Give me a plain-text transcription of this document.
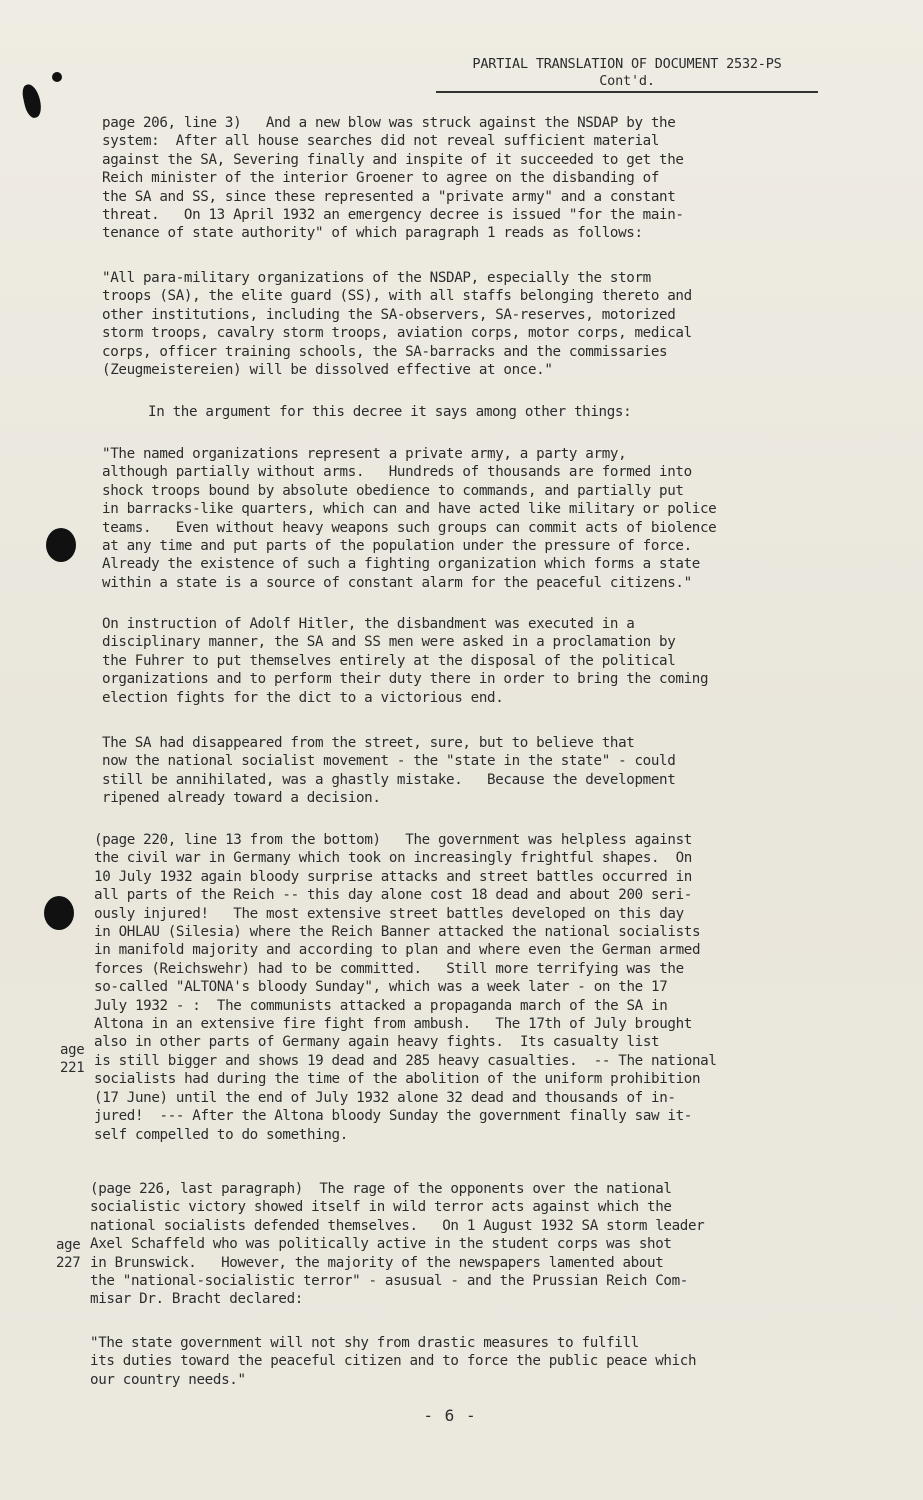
PARTIAL TRANSLATION OF DOCUMENT 2532-PS
Cont'd.

page 206, line 3)   And a new blow was struck against the NSDAP by the
system:  After all house searches did not reveal sufficient material
against the SA, Severing finally and inspite of it succeeded to get the
Reich minister of the interior Groener to agree on the disbanding of
the SA and SS, since these represented a "private army" and a constant
threat.   On 13 April 1932 an emergency decree is issued "for the main-
tenance of state authority" of which paragraph 1 reads as follows:

"All para-military organizations of the NSDAP, especially the storm
troops (SA), the elite guard (SS), with all staffs belonging thereto and
other institutions, including the SA-observers, SA-reserves, motorized
storm troops, cavalry storm troops, aviation corps, motor corps, medical
corps, officer training schools, the SA-barracks and the commissaries
(Zeugmeistereien) will be dissolved effective at once."

In the argument for this decree it says among other things:

"The named organizations represent a private army, a party army,
although partially without arms.   Hundreds of thousands are formed into
shock troops bound by absolute obedience to commands, and partially put
in barracks-like quarters, which can and have acted like military or police
teams.   Even without heavy weapons such groups can commit acts of biolence
at any time and put parts of the population under the pressure of force.
Already the existence of such a fighting organization which forms a state
within a state is a source of constant alarm for the peaceful citizens."

On instruction of Adolf Hitler, the disbandment was executed in a
disciplinary manner, the SA and SS men were asked in a proclamation by
the Fuhrer to put themselves entirely at the disposal of the political
organizations and to perform their duty there in order to bring the coming
election fights for the dict to a victorious end.

The SA had disappeared from the street, sure, but to believe that
now the national socialist movement - the "state in the state" - could
still be annihilated, was a ghastly mistake.   Because the development
ripened already toward a decision.

(page 220, line 13 from the bottom)   The government was helpless against
the civil war in Germany which took on increasingly frightful shapes.  On
10 July 1932 again bloody surprise attacks and street battles occurred in
all parts of the Reich -- this day alone cost 18 dead and about 200 seri-
ously injured!   The most extensive street battles developed on this day
in OHLAU (Silesia) where the Reich Banner attacked the national socialists
in manifold majority and according to plan and where even the German armed
forces (Reichswehr) had to be committed.   Still more terrifying was the
so-called "ALTONA's bloody Sunday", which was a week later - on the 17
July 1932 - :  The communists attacked a propaganda march of the SA in
Altona in an extensive fire fight from ambush.   The 17th of July brought
also in other parts of Germany again heavy fights.  Its casualty list
is still bigger and shows 19 dead and 285 heavy casualties.  -- The national
socialists had during the time of the abolition of the uniform prohibition
(17 June) until the end of July 1932 alone 32 dead and thousands of in-
jured!  --- After the Altona bloody Sunday the government finally saw it-
self compelled to do something.

age
221

(page 226, last paragraph)  The rage of the opponents over the national
socialistic victory showed itself in wild terror acts against which the
national socialists defended themselves.   On 1 August 1932 SA storm leader
Axel Schaffeld who was politically active in the student corps was shot
in Brunswick.   However, the majority of the newspapers lamented about
the "national-socialistic terror" - asusual - and the Prussian Reich Com-
misar Dr. Bracht declared:

age
227

"The state government will not shy from drastic measures to fulfill
its duties toward the peaceful citizen and to force the public peace which
our country needs."

- 6 -
